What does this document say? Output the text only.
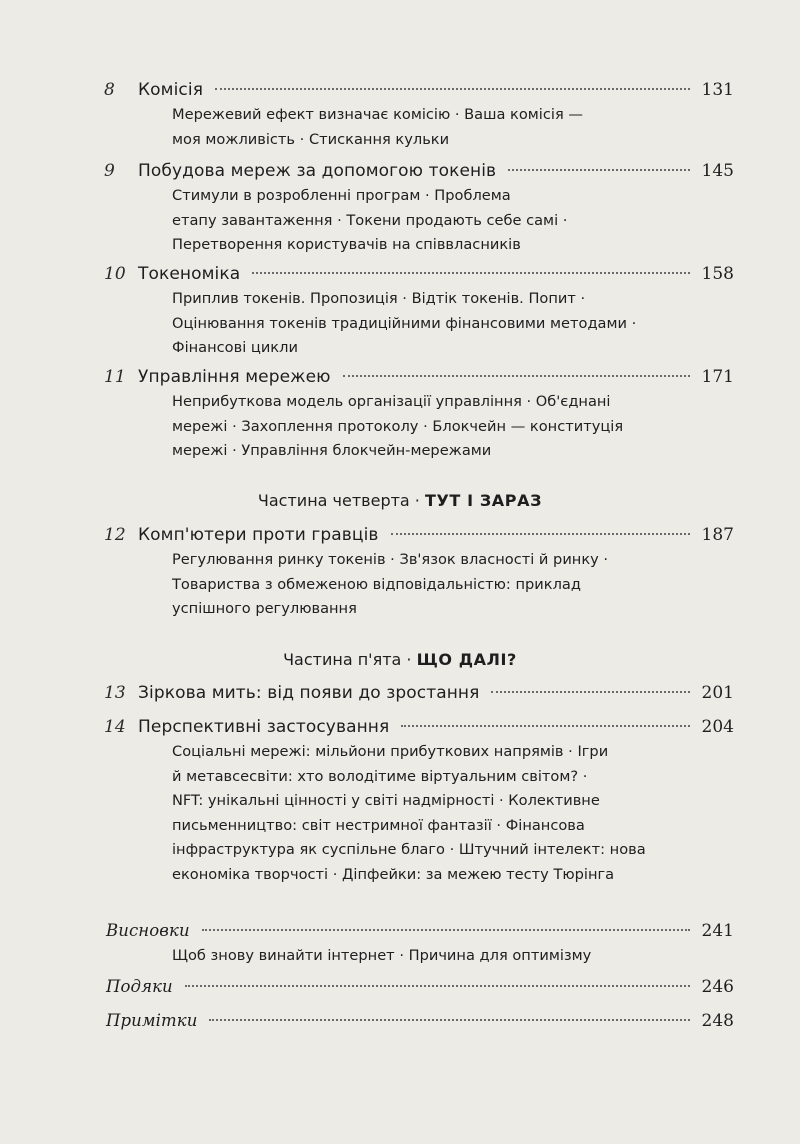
8 Комісія	131
Мережевий ефект визначає комісію · Ваша комісія —
моя можливість · Стискання кульки
9 Побудова мереж за допомогою токенів	145
Стимули в розробленні програм · Проблема
етапу завантаження · Токени продають себе самі ·
Перетворення користувачів на співвласників
10 Токеноміка	158
Приплив токенів. Пропозиція · Відтік токенів. Попит ·
Оцінювання токенів традиційними фінансовими методами ·
Фінансові цикли
11 Управління мережею	171
Неприбуткова модель організації управління · Об'єднані
мережі · Захоплення протоколу · Блокчейн — конституція
мережі · Управління блокчейн-мережами
Частина четверта · ТУТ І ЗАРАЗ
12 Комп'ютери проти гравців	187
Регулювання ринку токенів · Зв'язок власності й ринку ·
Товариства з обмеженою відповідальністю: приклад
успішного регулювання
Частина п'ята · ЩО ДАЛІ?
13 Зіркова мить: від появи до зростання	201
14 Перспективні застосування	204
Соціальні мережі: мільйони прибуткових напрямів · Ігри
й метавсесвіти: хто володітиме віртуальним світом? ·
NFT: унікальні цінності у світі надмірності · Колективне
письменництво: світ нестримної фантазії · Фінансова
інфраструктура як суспільне благо · Штучний інтелект: нова
економіка творчості · Діпфейки: за межею тесту Тюрінга
Висновки	241
Щоб знову винайти інтернет · Причина для оптимізму
Подяки	246
Примітки	248
